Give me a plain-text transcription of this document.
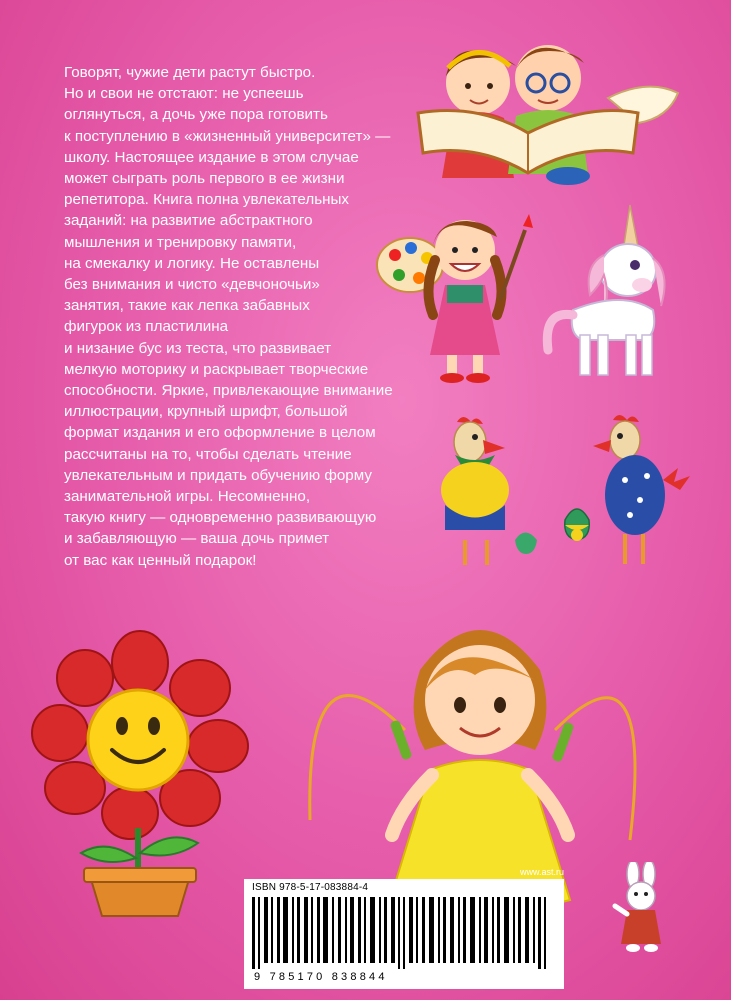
Говорят, чужие дети растут быстро.
Но и свои не отстают: не успеешь
оглянуться, а дочь уже пора готовить
к поступлению в «жизненный университет» —
школу. Настоящее издание в этом случае
может сыграть роль первого в ее жизни
репетитора. Книга полна увлекательных
заданий: на развитие абстрактного
мышления и тренировку памяти,
на смекалку и логику. Не оставлены
без внимания и чисто «девчоночьи»
занятия, такие как лепка забавных
фигурок из пластилина
и низание бус из теста, что развивает
мелкую моторику и раскрывает творческие
способности. Яркие, привлекающие внимание
иллюстрации, крупный шрифт, большой
формат издания и его оформление в целом
рассчитаны на то, чтобы сделать чтение
увлекательным и придать обучению форму
занимательной игры. Несомненно,
такую книгу — одновременно развивающую
и забавляющую — ваша дочь примет
от вас как ценный подарок!

www.ast.ru
ISBN 978-5-17-083884-4
9 785170 838844
